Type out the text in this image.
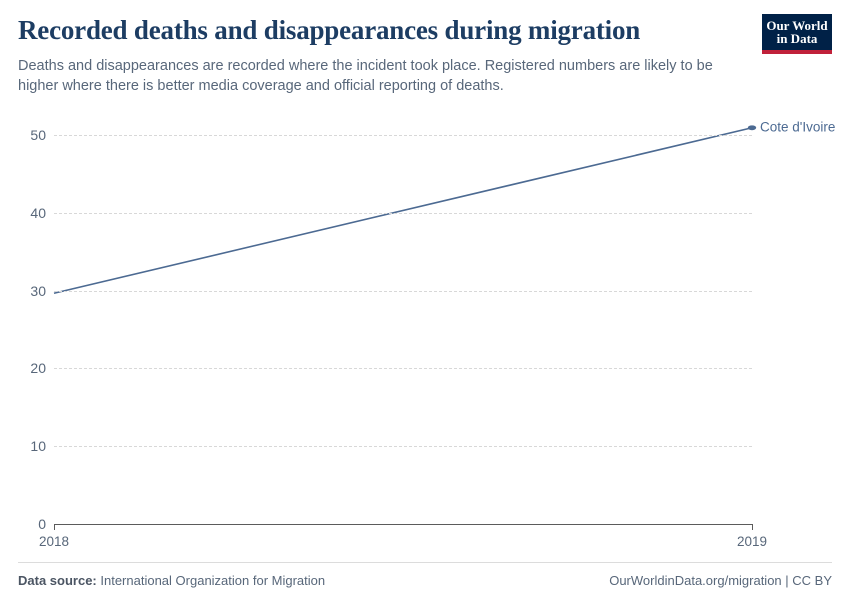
Recorded deaths and disappearances during migration

Deaths and disappearances are recorded where the incident took place. Registered numbers are likely to be higher where there is better media coverage and official reporting of deaths.

Our World
in Data
0
10
20
30
40
50
2018	2019
Cote d'Ivoire
Data source: International Organization for Migration	OurWorldinData.org/migration | CC BY
